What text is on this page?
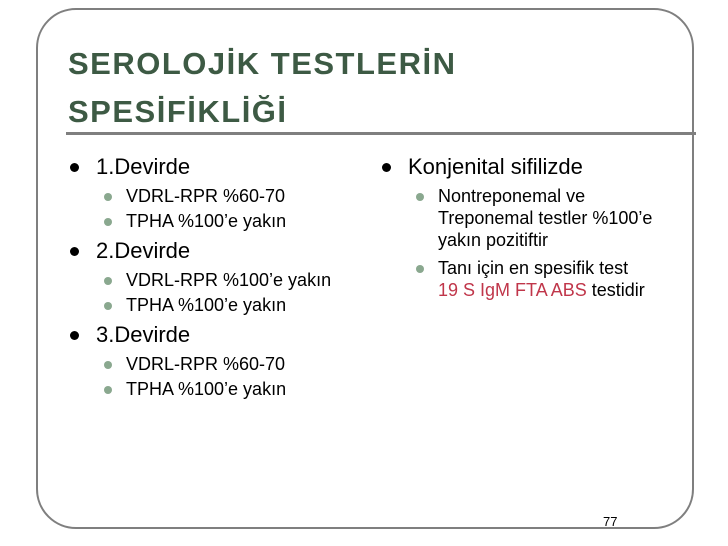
SEROLOJİK TESTLERİN
SPESİFİKLİĞİ
1.Devirde
VDRL-RPR %60-70
TPHA %100’e yakın
2.Devirde
VDRL-RPR %100’e yakın
TPHA %100’e yakın
3.Devirde
VDRL-RPR %60-70
TPHA %100’e yakın
Konjenital sifilizde
Nontreponemal ve Treponemal testler %100’e yakın pozitiftir
Tanı için en spesifik test 19 S IgM FTA ABS testidir
77
